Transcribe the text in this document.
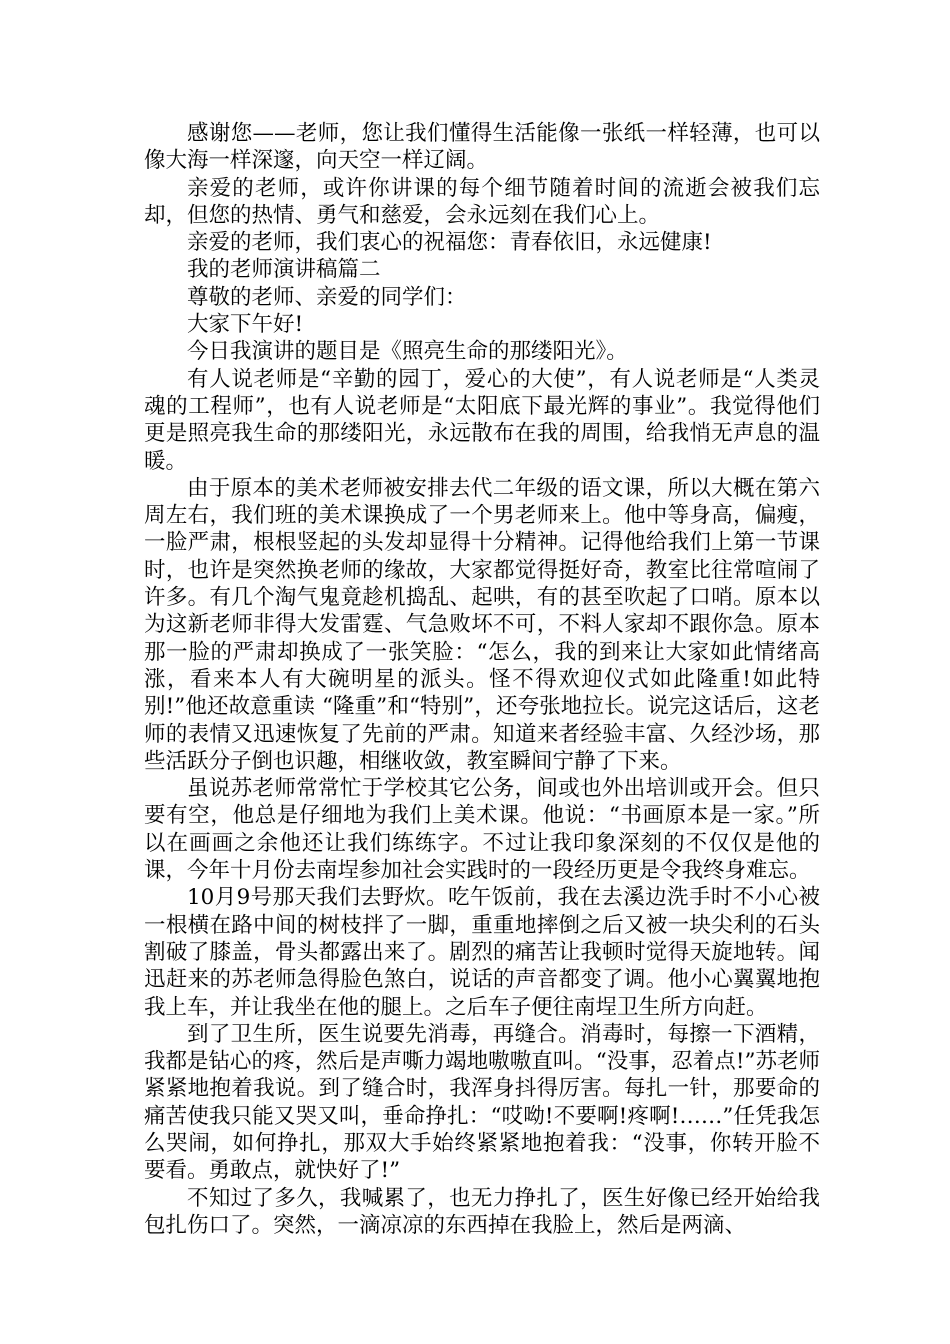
感谢您——老师，您让我们懂得生活能像一张纸一样轻薄，也可以像大海一样深邃，向天空一样辽阔。

亲爱的老师，或许你讲课的每个细节随着时间的流逝会被我们忘却，但您的热情、勇气和慈爱，会永远刻在我们心上。

亲爱的老师，我们衷心的祝福您：青春依旧，永远健康!

我的老师演讲稿篇二

尊敬的老师、亲爱的同学们：

大家下午好!

今日我演讲的题目是《照亮生命的那缕阳光》。

有人说老师是“辛勤的园丁，爱心的大使”，有人说老师是“人类灵魂的工程师”，也有人说老师是“太阳底下最光辉的事业”。我觉得他们更是照亮我生命的那缕阳光，永远散布在我的周围，给我悄无声息的温暖。

由于原本的美术老师被安排去代二年级的语文课，所以大概在第六周左右，我们班的美术课换成了一个男老师来上。他中等身高，偏瘦，一脸严肃，根根竖起的头发却显得十分精神。记得他给我们上第一节课时，也许是突然换老师的缘故，大家都觉得挺好奇，教室比往常喧闹了许多。有几个淘气鬼竟趁机捣乱、起哄，有的甚至吹起了口哨。原本以为这新老师非得大发雷霆、气急败坏不可，不料人家却不跟你急。原本那一脸的严肃却换成了一张笑脸：“怎么，我的到来让大家如此情绪高涨，看来本人有大碗明星的派头。怪不得欢迎仪式如此隆重!如此特别!”他还故意重读 “隆重”和“特别”，还夸张地拉长。说完这话后，这老师的表情又迅速恢复了先前的严肃。知道来者经验丰富、久经沙场，那些活跃分子倒也识趣，相继收敛，教室瞬间宁静了下来。

虽说苏老师常常忙于学校其它公务，间或也外出培训或开会。但只要有空，他总是仔细地为我们上美术课。他说：“书画原本是一家。”所以在画画之余他还让我们练练字。不过让我印象深刻的不仅仅是他的课，今年十月份去南埕参加社会实践时的一段经历更是令我终身难忘。

10月9号那天我们去野炊。吃午饭前，我在去溪边洗手时不小心被一根横在路中间的树枝拌了一脚，重重地摔倒之后又被一块尖利的石头割破了膝盖，骨头都露出来了。剧烈的痛苦让我顿时觉得天旋地转。闻迅赶来的苏老师急得脸色煞白，说话的声音都变了调。他小心翼翼地抱我上车，并让我坐在他的腿上。之后车子便往南埕卫生所方向赶。

到了卫生所，医生说要先消毒，再缝合。消毒时，每擦一下酒精，我都是钻心的疼，然后是声嘶力竭地嗷嗷直叫。“没事，忍着点!”苏老师紧紧地抱着我说。到了缝合时，我浑身抖得厉害。每扎一针，那要命的痛苦使我只能又哭又叫，垂命挣扎：“哎呦!不要啊!疼啊!……”任凭我怎么哭闹，如何挣扎，那双大手始终紧紧地抱着我：“没事，你转开脸不要看。勇敢点，就快好了!”

不知过了多久，我喊累了，也无力挣扎了，医生好像已经开始给我包扎伤口了。突然，一滴凉凉的东西掉在我脸上，然后是两滴、
